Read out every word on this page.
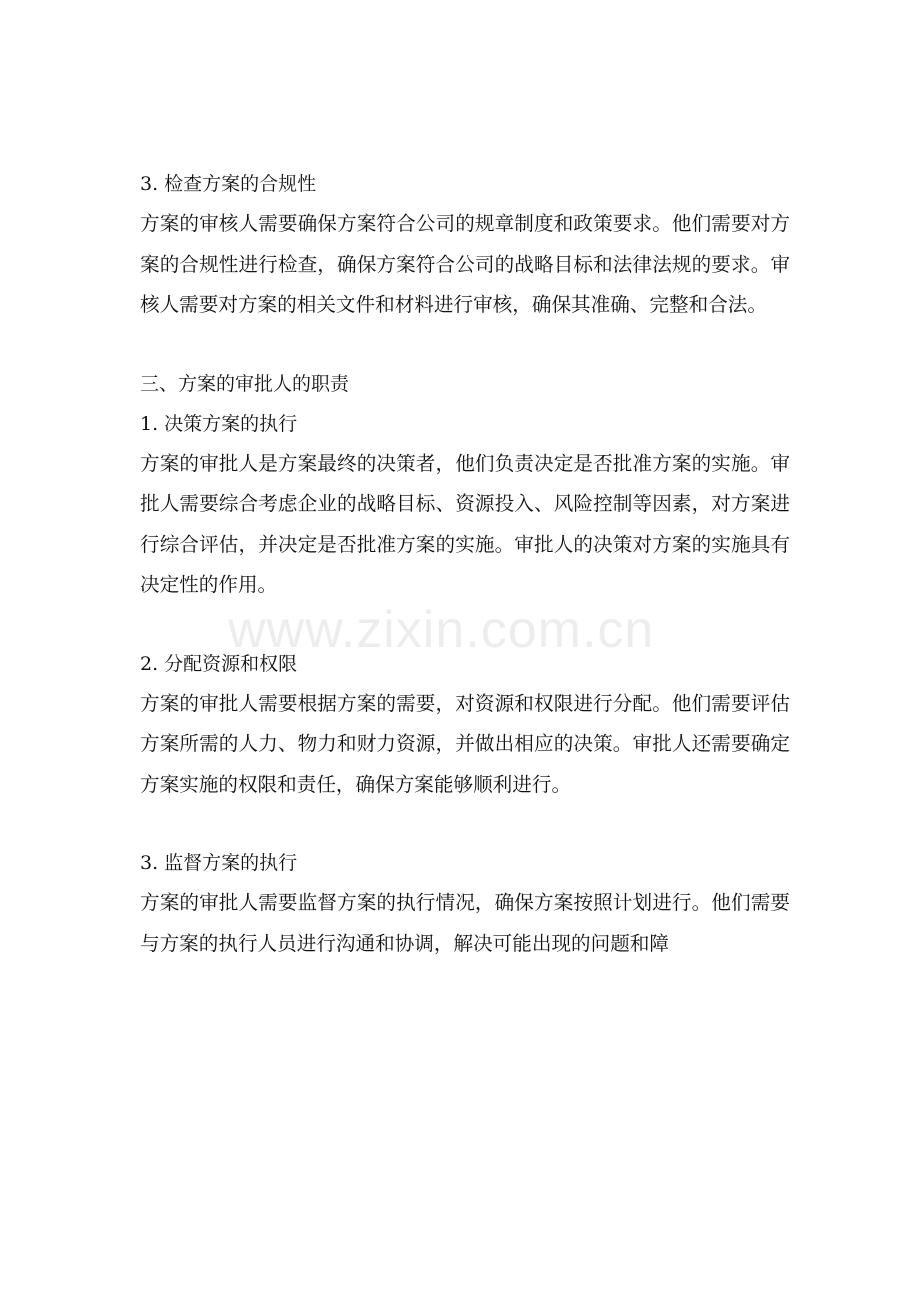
www.zixin.com.cn
3. 检查方案的合规性

方案的审核人需要确保方案符合公司的规章制度和政策要求。他们需要对方案的合规性进行检查，确保方案符合公司的战略目标和法律法规的要求。审核人需要对方案的相关文件和材料进行审核，确保其准确、完整和合法。

三、方案的审批人的职责
1. 决策方案的执行

方案的审批人是方案最终的决策者，他们负责决定是否批准方案的实施。审批人需要综合考虑企业的战略目标、资源投入、风险控制等因素，对方案进行综合评估，并决定是否批准方案的实施。审批人的决策对方案的实施具有决定性的作用。

2. 分配资源和权限

方案的审批人需要根据方案的需要，对资源和权限进行分配。他们需要评估方案所需的人力、物力和财力资源，并做出相应的决策。审批人还需要确定方案实施的权限和责任，确保方案能够顺利进行。

3. 监督方案的执行

方案的审批人需要监督方案的执行情况，确保方案按照计划进行。他们需要与方案的执行人员进行沟通和协调，解决可能出现的问题和障
